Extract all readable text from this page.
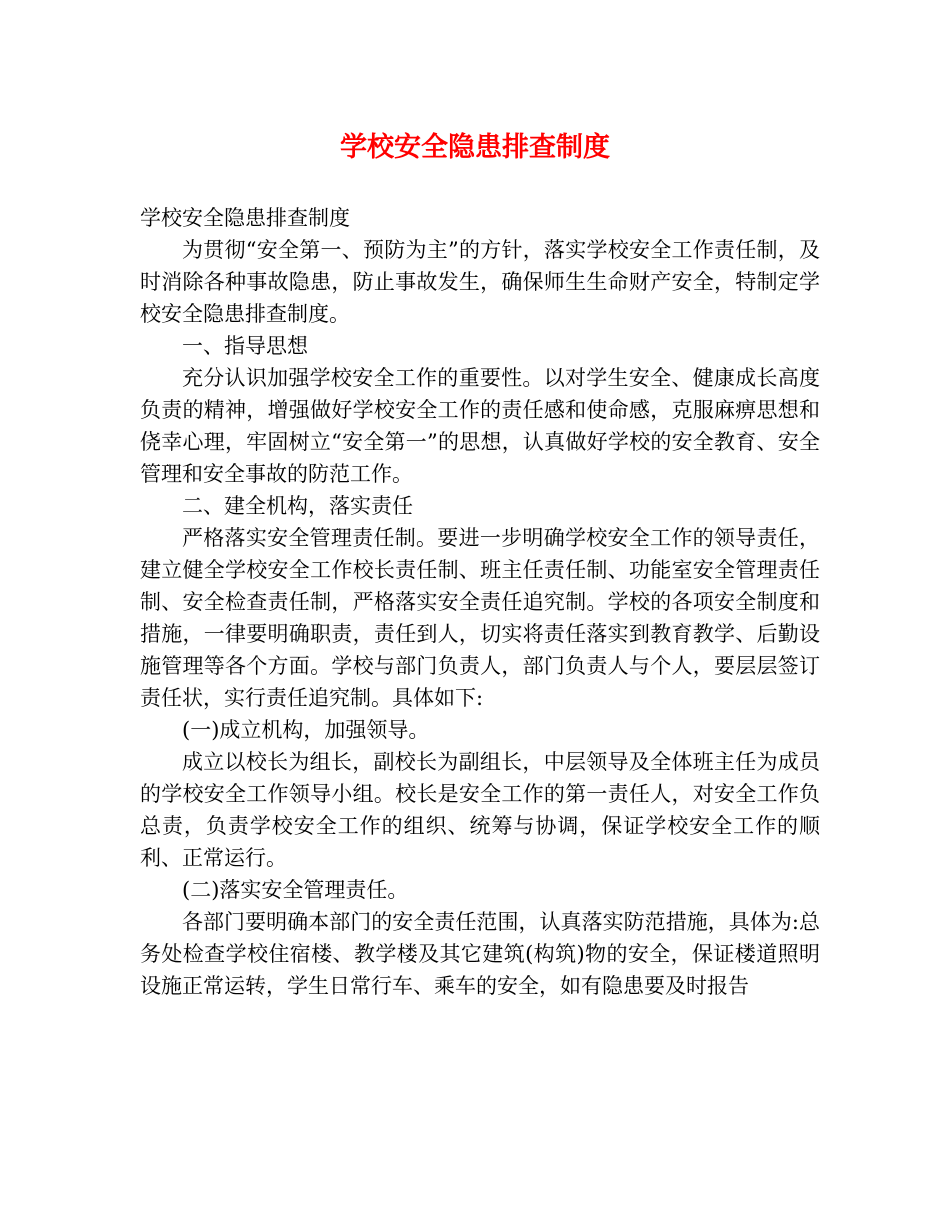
学校安全隐患排查制度

学校安全隐患排查制度

为贯彻“安全第一、预防为主”的方针，落实学校安全工作责任制，及时消除各种事故隐患，防止事故发生，确保师生生命财产安全，特制定学校安全隐患排查制度。

一、指导思想

充分认识加强学校安全工作的重要性。以对学生安全、健康成长高度负责的精神，增强做好学校安全工作的责任感和使命感，克服麻痹思想和侥幸心理，牢固树立“安全第一”的思想，认真做好学校的安全教育、安全管理和安全事故的防范工作。

二、建全机构，落实责任

严格落实安全管理责任制。要进一步明确学校安全工作的领导责任，建立健全学校安全工作校长责任制、班主任责任制、功能室安全管理责任制、安全检查责任制，严格落实安全责任追究制。学校的各项安全制度和措施，一律要明确职责，责任到人，切实将责任落实到教育教学、后勤设施管理等各个方面。学校与部门负责人，部门负责人与个人，要层层签订责任状，实行责任追究制。具体如下:

(一)成立机构，加强领导。

成立以校长为组长，副校长为副组长，中层领导及全体班主任为成员的学校安全工作领导小组。校长是安全工作的第一责任人，对安全工作负总责，负责学校安全工作的组织、统筹与协调，保证学校安全工作的顺利、正常运行。

(二)落实安全管理责任。

各部门要明确本部门的安全责任范围，认真落实防范措施，具体为:总务处检查学校住宿楼、教学楼及其它建筑(构筑)物的安全，保证楼道照明设施正常运转，学生日常行车、乘车的安全，如有隐患要及时报告
